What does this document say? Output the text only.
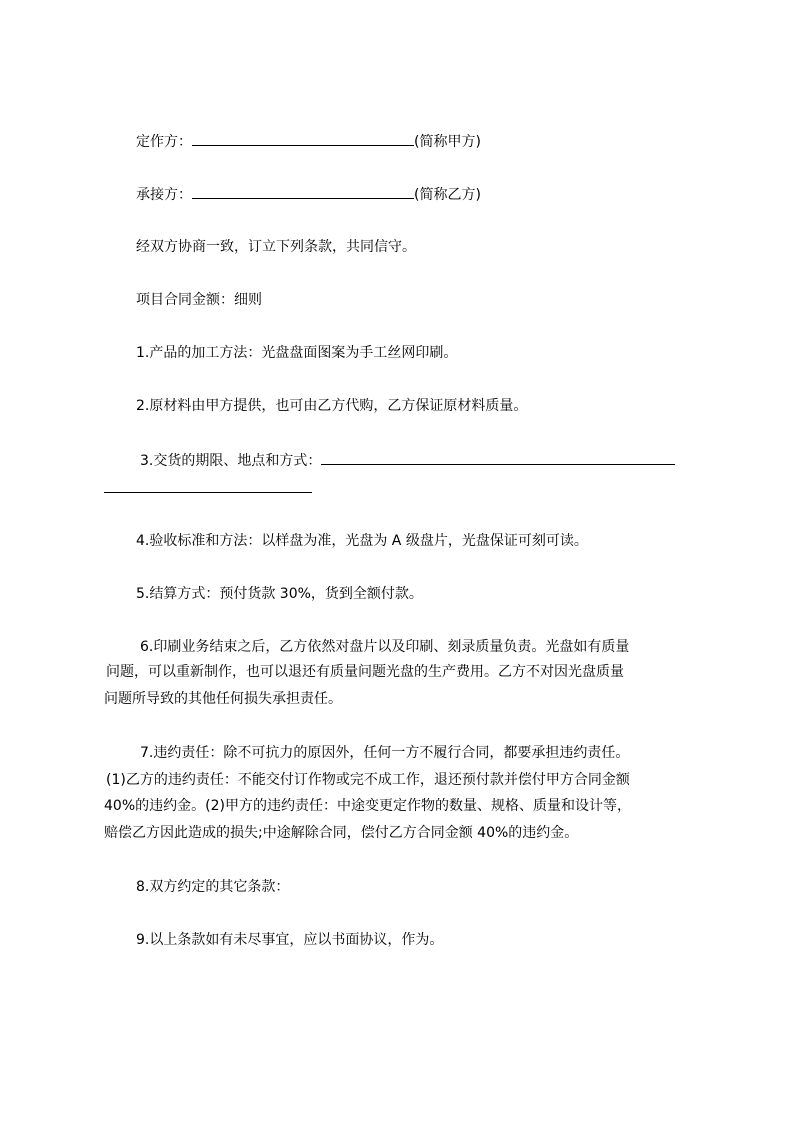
定作方：	(简称甲方)
承接方：	(简称乙方)
经双方协商一致，订立下列条款，共同信守。
项目合同金额：细则
1.产品的加工方法：光盘盘面图案为手工丝网印刷。
2.原材料由甲方提供，也可由乙方代购，乙方保证原材料质量。
3.交货的期限、地点和方式：
4.验收标准和方法：以样盘为准，光盘为 A 级盘片，光盘保证可刻可读。
5.结算方式：预付货款 30%，货到全额付款。
6.印刷业务结束之后，乙方依然对盘片以及印刷、刻录质量负责。光盘如有质量
问题，可以重新制作，也可以退还有质量问题光盘的生产费用。乙方不对因光盘质量
问题所导致的其他任何损失承担责任。
7.违约责任：除不可抗力的原因外，任何一方不履行合同，都要承担违约责任。
(1)乙方的违约责任：不能交付订作物或完不成工作，退还预付款并偿付甲方合同金额
40%的违约金。(2)甲方的违约责任：中途变更定作物的数量、规格、质量和设计等，
赔偿乙方因此造成的损失;中途解除合同，偿付乙方合同金额 40%的违约金。
8.双方约定的其它条款：
9.以上条款如有未尽事宜，应以书面协议，作为。
